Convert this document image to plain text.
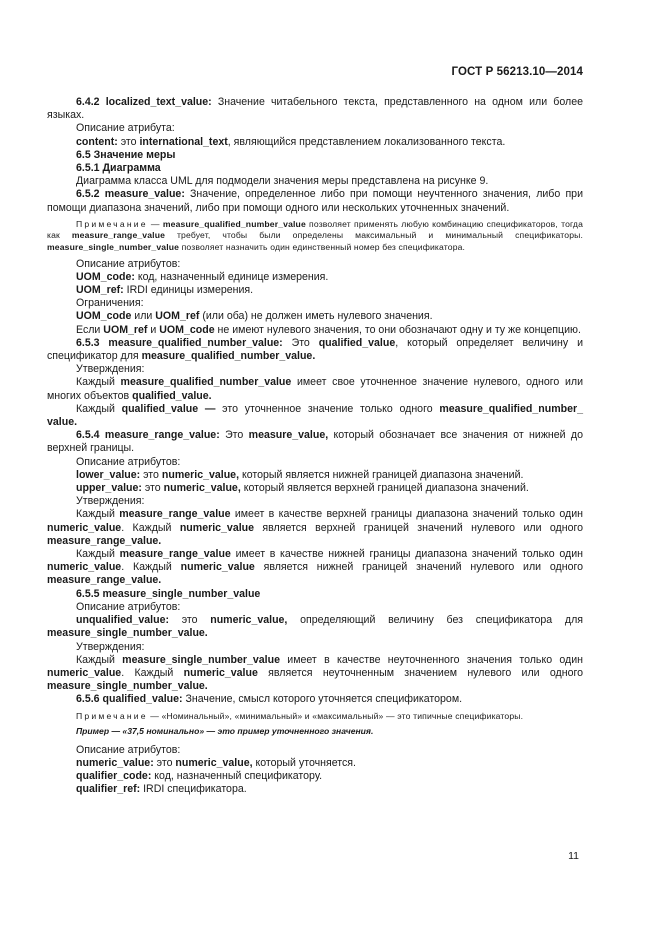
ГОСТ Р 56213.10—2014

6.4.2 localized_text_value: Значение читабельного текста, представленного на одном или более языках.

Описание атрибута:

content: это international_text, являющийся представлением локализованного текста.

6.5 Значение меры

6.5.1 Диаграмма

Диаграмма класса UML для подмодели значения меры представлена на рисунке 9.

6.5.2 measure_value: Значение, определенное либо при помощи неучтенного значения, либо при помощи диапазона значений, либо при помощи одного или нескольких уточненных значений.

Примечание — measure_qualified_number_value позволяет применять любую комбинацию спецификаторов, тогда как measure_range_value требует, чтобы были определены максимальный и минимальный спецификаторы. measure_single_number_value позволяет назначить один единственный номер без спецификатора.

Описание атрибутов:

UOM_code: код, назначенный единице измерения.

UOM_ref: IRDI единицы измерения.

Ограничения:

UOM_code или UOM_ref (или оба) не должен иметь нулевого значения.

Если UOM_ref и UOM_code не имеют нулевого значения, то они обозначают одну и ту же концепцию.

6.5.3 measure_qualified_number_value: Это qualified_value, который определяет величину и спецификатор для measure_qualified_number_value.

Утверждения:

Каждый measure_qualified_number_value имеет свое уточненное значение нулевого, одного или многих объектов qualified_value.

Каждый qualified_value — это уточненное значение только одного measure_qualified_number_ value.

6.5.4 measure_range_value: Это measure_value, который обозначает все значения от нижней до верхней границы.

Описание атрибутов:

lower_value: это numeric_value, который является нижней границей диапазона значений.

upper_value: это numeric_value, который является верхней границей диапазона значений.

Утверждения:

Каждый measure_range_value имеет в качестве верхней границы диапазона значений только один numeric_value. Каждый numeric_value является верхней границей значений нулевого или одного measure_range_value.

Каждый measure_range_value имеет в качестве нижней границы диапазона значений только один numeric_value. Каждый numeric_value является нижней границей значений нулевого или одного measure_range_value.

6.5.5 measure_single_number_value

Описание атрибутов:

unqualified_value: это numeric_value, определяющий величину без спецификатора для measure_single_number_value.

Утверждения:

Каждый measure_single_number_value имеет в качестве неуточненного значения только один numeric_value. Каждый numeric_value является неуточненным значением нулевого или одного measure_single_number_value.

6.5.6 qualified_value: Значение, смысл которого уточняется спецификатором.

Примечание — «Номинальный», «минимальный» и «максимальный» — это типичные спецификаторы.

Пример — «37,5 номинально» — это пример уточненного значения.

Описание атрибутов:

numeric_value: это numeric_value, который уточняется.

qualifier_code: код, назначенный спецификатору.

qualifier_ref: IRDI спецификатора.

11
